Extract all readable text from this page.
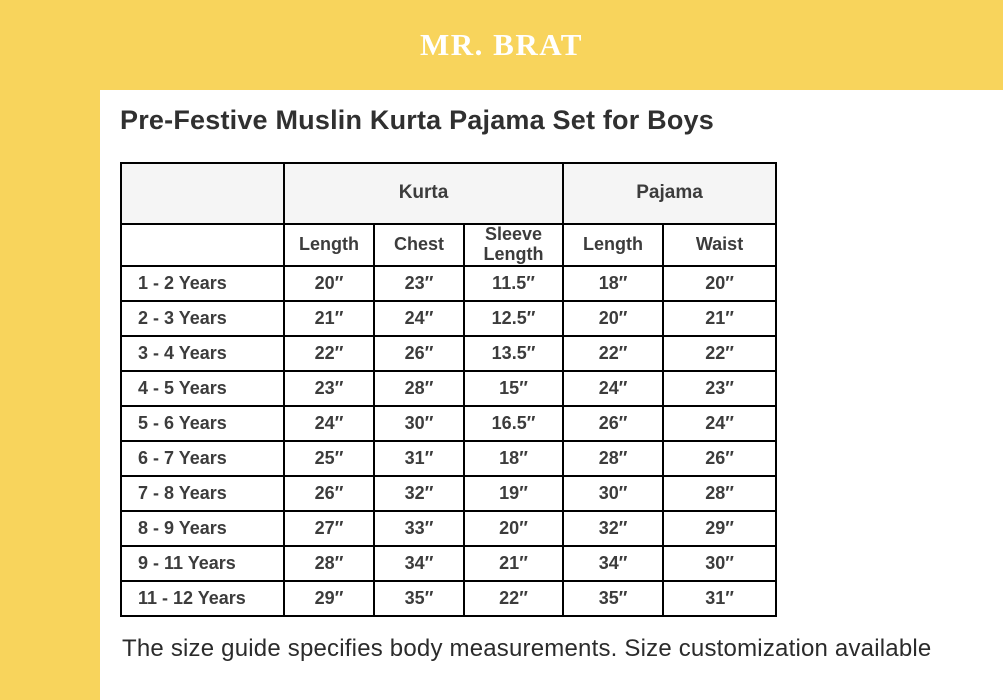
MR. BRAT
Pre-Festive Muslin Kurta Pajama Set for Boys
	Kurta			Pajama	
	Length	Chest	Sleeve Length	Length	Waist
1 - 2 Years	20″	23″	11.5″	18″	20″
2 - 3 Years	21″	24″	12.5″	20″	21″
3 - 4 Years	22″	26″	13.5″	22″	22″
4 - 5 Years	23″	28″	15″	24″	23″
5 - 6 Years	24″	30″	16.5″	26″	24″
6 - 7 Years	25″	31″	18″	28″	26″
7 - 8 Years	26″	32″	19″	30″	28″
8 - 9 Years	27″	33″	20″	32″	29″
9 - 11 Years	28″	34″	21″	34″	30″
11 - 12 Years	29″	35″	22″	35″	31″

The size guide specifies body measurements. Size customization available
